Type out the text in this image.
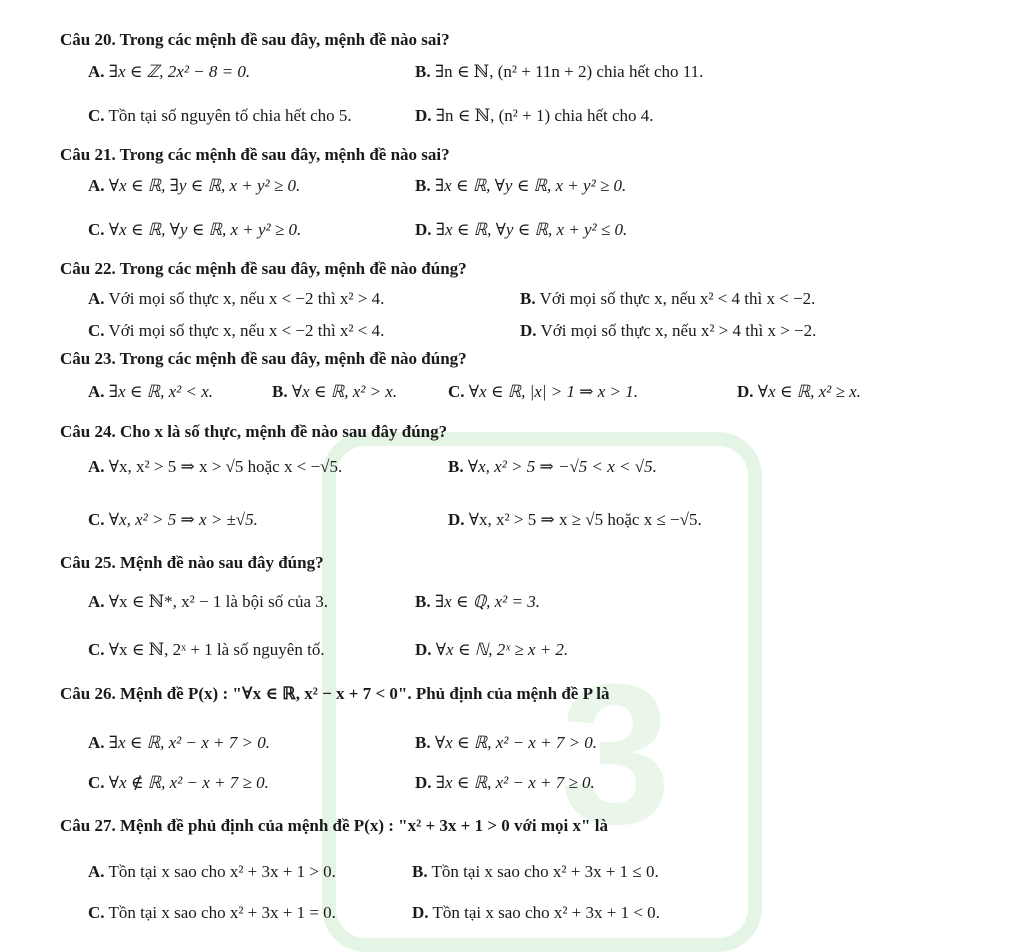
3
Câu 20. Trong các mệnh đề sau đây, mệnh đề nào sai?
A. ∃x ∈ ℤ, 2x² − 8 = 0.	B. ∃n ∈ ℕ, (n² + 11n + 2) chia hết cho 11.
C. Tồn tại số nguyên tố chia hết cho 5.	D. ∃n ∈ ℕ, (n² + 1) chia hết cho 4.
Câu 21. Trong các mệnh đề sau đây, mệnh đề nào sai?
A. ∀x ∈ ℝ, ∃y ∈ ℝ, x + y² ≥ 0.	B. ∃x ∈ ℝ, ∀y ∈ ℝ, x + y² ≥ 0.
C. ∀x ∈ ℝ, ∀y ∈ ℝ, x + y² ≥ 0.	D. ∃x ∈ ℝ, ∀y ∈ ℝ, x + y² ≤ 0.
Câu 22. Trong các mệnh đề sau đây, mệnh đề nào đúng?
A. Với mọi số thực x, nếu x < −2 thì x² > 4.	B. Với mọi số thực x, nếu x² < 4 thì x < −2.
C. Với mọi số thực x, nếu x < −2 thì x² < 4.	D. Với mọi số thực x, nếu x² > 4 thì x > −2.
Câu 23. Trong các mệnh đề sau đây, mệnh đề nào đúng?
A. ∃x ∈ ℝ, x² < x.	B. ∀x ∈ ℝ, x² > x.	C. ∀x ∈ ℝ, |x| > 1 ⇒ x > 1.	D. ∀x ∈ ℝ, x² ≥ x.
Câu 24. Cho x là số thực, mệnh đề nào sau đây đúng?
A. ∀x, x² > 5 ⇒ x > √5 hoặc x < −√5.	B. ∀x, x² > 5 ⇒ −√5 < x < √5.
C. ∀x, x² > 5 ⇒ x > ±√5.	D. ∀x, x² > 5 ⇒ x ≥ √5 hoặc x ≤ −√5.
Câu 25. Mệnh đề nào sau đây đúng?
A. ∀x ∈ ℕ*, x² − 1 là bội số của 3.	B. ∃x ∈ ℚ, x² = 3.
C. ∀x ∈ ℕ, 2ˣ + 1 là số nguyên tố.	D. ∀x ∈ ℕ, 2ˣ ≥ x + 2.
Câu 26. Mệnh đề P(x) : "∀x ∈ ℝ, x² − x + 7 < 0". Phủ định của mệnh đề P là
A. ∃x ∈ ℝ, x² − x + 7 > 0.	B. ∀x ∈ ℝ, x² − x + 7 > 0.
C. ∀x ∉ ℝ, x² − x + 7 ≥ 0.	D. ∃x ∈ ℝ, x² − x + 7 ≥ 0.
Câu 27. Mệnh đề phủ định của mệnh đề P(x) : "x² + 3x + 1 > 0 với mọi x" là
A. Tồn tại x sao cho x² + 3x + 1 > 0.	B. Tồn tại x sao cho x² + 3x + 1 ≤ 0.
C. Tồn tại x sao cho x² + 3x + 1 = 0.	D. Tồn tại x sao cho x² + 3x + 1 < 0.
